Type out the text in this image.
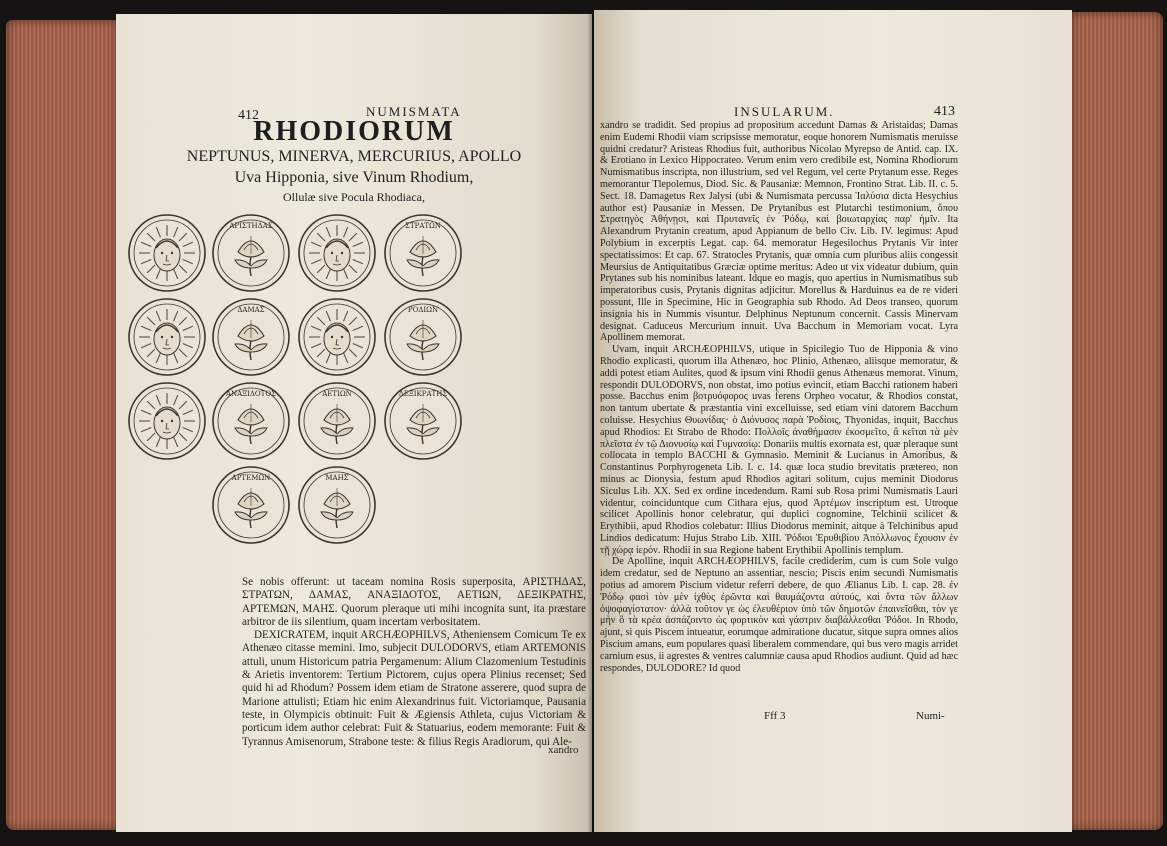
412	NUMISMATA
RHODIORUM
NEPTUNUS, MINERVA, MERCURIUS, APOLLO
Uva Hipponia, sive Vinum Rhodium,
Ollulæ sive Pocula Rhodiaca,

Se nobis offerunt: ut taceam nomina Rosis superposita, ΑΡΙΣΤΗΔΑΣ, ΣΤΡΑΤΩΝ, ΔΑΜΑΣ, ΑΝΑΞΙΔΟΤΟΣ, ΑΕΤΙΩΝ, ΔΕΞΙΚΡΑΤΗΣ, ΑΡΤΕΜΩΝ, ΜΑΗΣ. Quorum pleraque uti mihi incognita sunt, ita præstare arbitror de iis silentium, quam incertam verbositatem.

DEXICRATEM, inquit ARCHÆOPHILVS, Atheniensem Comicum Te ex Athenæo citasse memini. Imo, subjecit DULODORVS, etiam ARTEMONIS attuli, unum Historicum patria Pergamenum: Alium Clazomenium Testudinis & Arietis inventorem: Tertium Pictorem, cujus opera Plinius recenset; Sed quid hi ad Rhodum? Possem idem etiam de Stratone asserere, quod supra de Marione attulisti; Etiam hic enim Alexandrinus fuit. Victoriamque, Pausania teste, in Olympicis obtinuit: Fuit & Ægiensis Athleta, cujus Victoriam & porticum idem author celebrat: Fuit & Statuarius, eodem memorante: Fuit & Tyrannus Amisenorum, Strabone teste: & filius Regis Aradiorum, qui Ale-

xandro
ΑΡΙΣΤΗΔΑΣ	ΣΤΡΑΤΩΝ
ΔΑΜΑΣ	ΡΟΔΙΩΝ
ΑΝΑΞΙΔΟΤΟΣ	ΑΕΤΙΩΝ	ΔΕΞΙΚΡΑΤΗΣ
ΑΡΤΕΜΩΝ	ΜΑΗΣ
INSULARUM.	413

xandro se tradidit. Sed propius ad propositum accedunt Damas & Aristaidas; Damas enim Eudemi Rhodii viam scripsisse memoratur, eoque honorem Numismatis meruisse quidni credatur? Aristeas Rhodius fuit, authoribus Nicolao Myrepso de Antid. cap. IX. & Erotiano in Lexico Hippocrateo. Verum enim vero credibile est, Nomina Rhodiorum Numismatibus inscripta, non illustrium, sed vel Regum, vel certe Prytanum esse. Reges memorantur Tlepolemus, Diod. Sic. & Pausaniæ: Memnon, Frontino Strat. Lib. II. c. 5. Sect. 18. Damagetus Rex Jalysi (ubi & Numismata percussa Ἰαλύσια dicta Hesychius author est) Pausaniæ in Messen. De Prytanibus est Plutarchi testimonium, ὅπου Στρατηγὸς Ἀθήνῃσι, καὶ Πρυτανεῖς ἐν Ῥόδῳ, καὶ βοιωταρχίας παρ' ἡμῖν. Ita Alexandrum Prytanin creatum, apud Appianum de bello Civ. Lib. IV. legimus: Apud Polybium in excerptis Legat. cap. 64. memoratur Hegesilochus Prytanis Vir inter spectatissimos: Et cap. 67. Stratocles Prytanis, quæ omnia cum pluribus aliis congessit Meursius de Antiquitatibus Græciæ optime meritus: Adeo ut vix videatur dubium, quin Prytanes sub his nominibus lateant. Idque eo magis, quo apertius in Numismatibus sub imperatoribus cusis, Prytanis dignitas adjicitur. Morellus & Harduinus ea de re videri possunt, Ille in Specimine, Hic in Geographia sub Rhodo. Ad Deos transeo, quorum insignia his in Nummis visuntur. Delphinus Neptunum concernit. Cassis Minervam designat. Caduceus Mercurium innuit. Uva Bacchum in Memoriam vocat. Lyra Apollinem memorat.

Uvam, inquit ARCHÆOPHILVS, utique in Spicilegio Tuo de Hipponia & vino Rhodio explicasti, quorum illa Athenæo, hoc Plinio, Athenæo, aliisque memoratur, & addi potest etiam Aulites, quod & ipsum vini Rhodii genus Athenæus memorat. Vinum, respondit DULODORVS, non obstat, imo potius evincit, etiam Bacchi rationem haberi posse. Bacchus enim βοτρυόφορος uvas ferens Orpheo vocatur, & Rhodios constat, non tantum ubertate & præstantia vini excelluisse, sed etiam vini datorem Bacchum coluisse. Hesychius Θυωνίδας· ὁ Διόνυσος παρὰ Ῥοδίοις, Thyonidas, inquit, Bacchus apud Rhodios: Et Strabo de Rhodo: Πολλοῖς ἀναθήμασιν ἐκοσμεῖτο, ἃ κεῖται τὰ μὲν πλεῖστα ἐν τῷ Διονυσίῳ καὶ Γυμνασίῳ: Donariis multis exornata est, quæ pleraque sunt collocata in templo BACCHI & Gymnasio. Meminit & Lucianus in Amoribus, & Constantinus Porphyrogeneta Lib. I. c. 14. quæ loca studio brevitatis prætereo, non minus ac Dionysia, festum apud Rhodios agitari solitum, cujus meminit Diodorus Siculus Lib. XX. Sed ex ordine incedendum. Rami sub Rosa primi Numismatis Lauri videntur, coinciduntque cum Cithara ejus, quod Ἀρτέμων inscriptum est. Utroque scilicet Apollinis honor celebratur, qui duplici cognomine, Telchinii scilicet & Erythibii, apud Rhodios colebatur: Illius Diodorus meminit, aitque à Telchinibus apud Lindios dedicatum: Hujus Strabo Lib. XIII. Ῥόδιοι Ἐρυθιβίου Ἀπόλλωνος ἔχουσιν ἐν τῇ χώρᾳ ἱερόν. Rhodii in sua Regione habent Erythibii Apollinis templum.

De Apolline, inquit ARCHÆOPHILVS, facile crediderim, cum is cum Sole vulgo idem credatur, sed de Neptuno an assentiar, nescio; Piscis enim secundi Numismatis potius ad amorem Piscium videtur referri debere, de quo Ælianus Lib. I. cap. 28. ἐν Ῥόδῳ φασὶ τὸν μὲν ἰχθὺς ἐρῶντα καὶ θαυμάζοντα αὐτούς, καὶ ὄντα τῶν ἄλλων ὀψοφαγίστατον· ἀλλὰ τοῦτον γε ὡς ἐλευθέριον ὑπὸ τῶν δημοτῶν ἐπαινεῖσθαι, τὸν γε μὴν ὃ τὰ κρέα ἀσπάζοιντο ὡς φορτικὸν καὶ γάστριν διαβάλλεσθαι Ῥόδοι. In Rhodo, ajunt, si quis Piscem intueatur, eorumque admiratione ducatur, sitque supra omnes alios Piscium amans, eum populares quasi liberalem commendare, qui bus vero magis arridet carnium esus, ii agrestes & ventres calumniæ causa apud Rhodios audiunt. Quid ad hæc respondes, DULODORE? Id quod

Fff 3	Numi-
